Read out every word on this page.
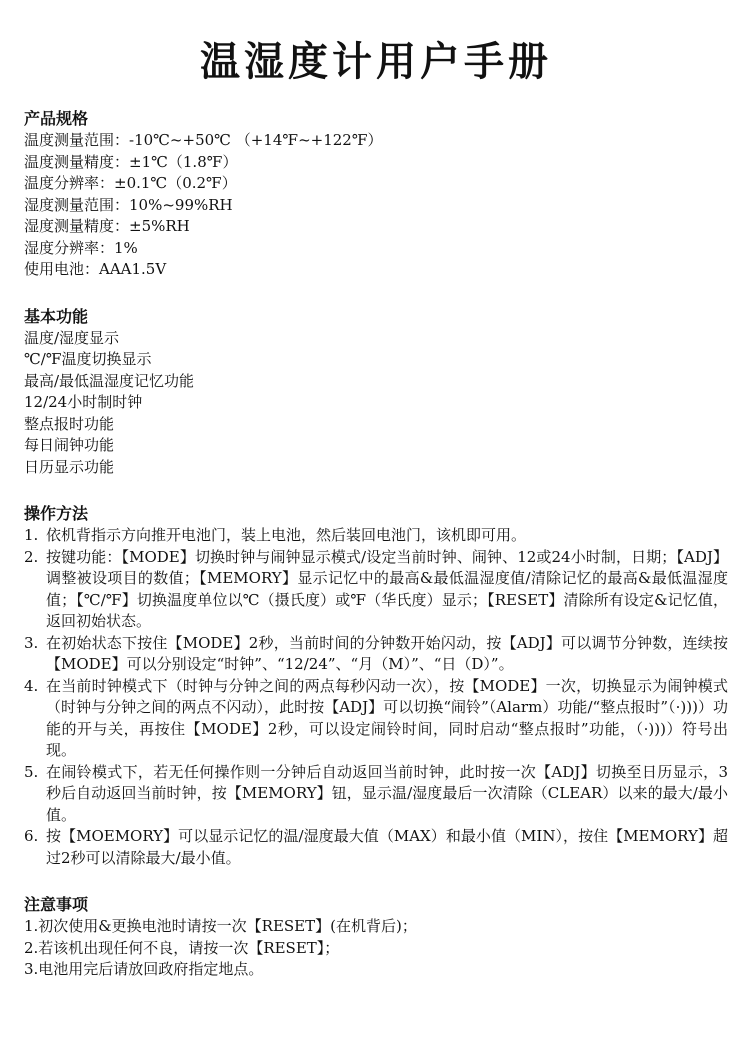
温湿度计用户手册
产品规格
温度测量范围：-10℃~+50℃ （+14℉~+122℉）
温度测量精度：±1℃（1.8℉）
温度分辨率：±0.1℃（0.2℉）
湿度测量范围：10%~99%RH
湿度测量精度：±5%RH
湿度分辨率：1%
使用电池：AAA1.5V
基本功能
温度/湿度显示
℃/℉温度切换显示
最高/最低温湿度记忆功能
12/24小时制时钟
整点报时功能
每日闹钟功能
日历显示功能
操作方法
1. 依机背指示方向推开电池门，装上电池，然后装回电池门，该机即可用。
2. 按键功能：【MODE】切换时钟与闹钟显示模式/设定当前时钟、闹钟、12或24小时制，日期；【ADJ】调整被设项目的数值；【MEMORY】显示记忆中的最高&最低温湿度值/清除记忆的最高&最低温湿度值；【℃/℉】切换温度单位以℃（摄氏度）或℉（华氏度）显示；【RESET】清除所有设定&记忆值，返回初始状态。
3. 在初始状态下按住【MODE】2秒，当前时间的分钟数开始闪动，按【ADJ】可以调节分钟数，连续按【MODE】可以分别设定“时钟”、“12/24”、“月（M）”、“日（D）”。
4. 在当前时钟模式下（时钟与分钟之间的两点每秒闪动一次），按【MODE】一次，切换显示为闹钟模式（时钟与分钟之间的两点不闪动），此时按【ADJ】可以切换“闹铃”（Alarm）功能/“整点报时”（·)))）功能的开与关，再按住【MODE】2秒，可以设定闹铃时间，同时启动“整点报时”功能，（·)))）符号出现。
5. 在闹铃模式下，若无任何操作则一分钟后自动返回当前时钟，此时按一次【ADJ】切换至日历显示，3秒后自动返回当前时钟，按【MEMORY】钮，显示温/湿度最后一次清除（CLEAR）以来的最大/最小值。
6. 按【MOEMORY】可以显示记忆的温/湿度最大值（MAX）和最小值（MIN），按住【MEMORY】超过2秒可以清除最大/最小值。
注意事项
1.初次使用&更换电池时请按一次【RESET】(在机背后)；
2.若该机出现任何不良，请按一次【RESET】；
3.电池用完后请放回政府指定地点。
